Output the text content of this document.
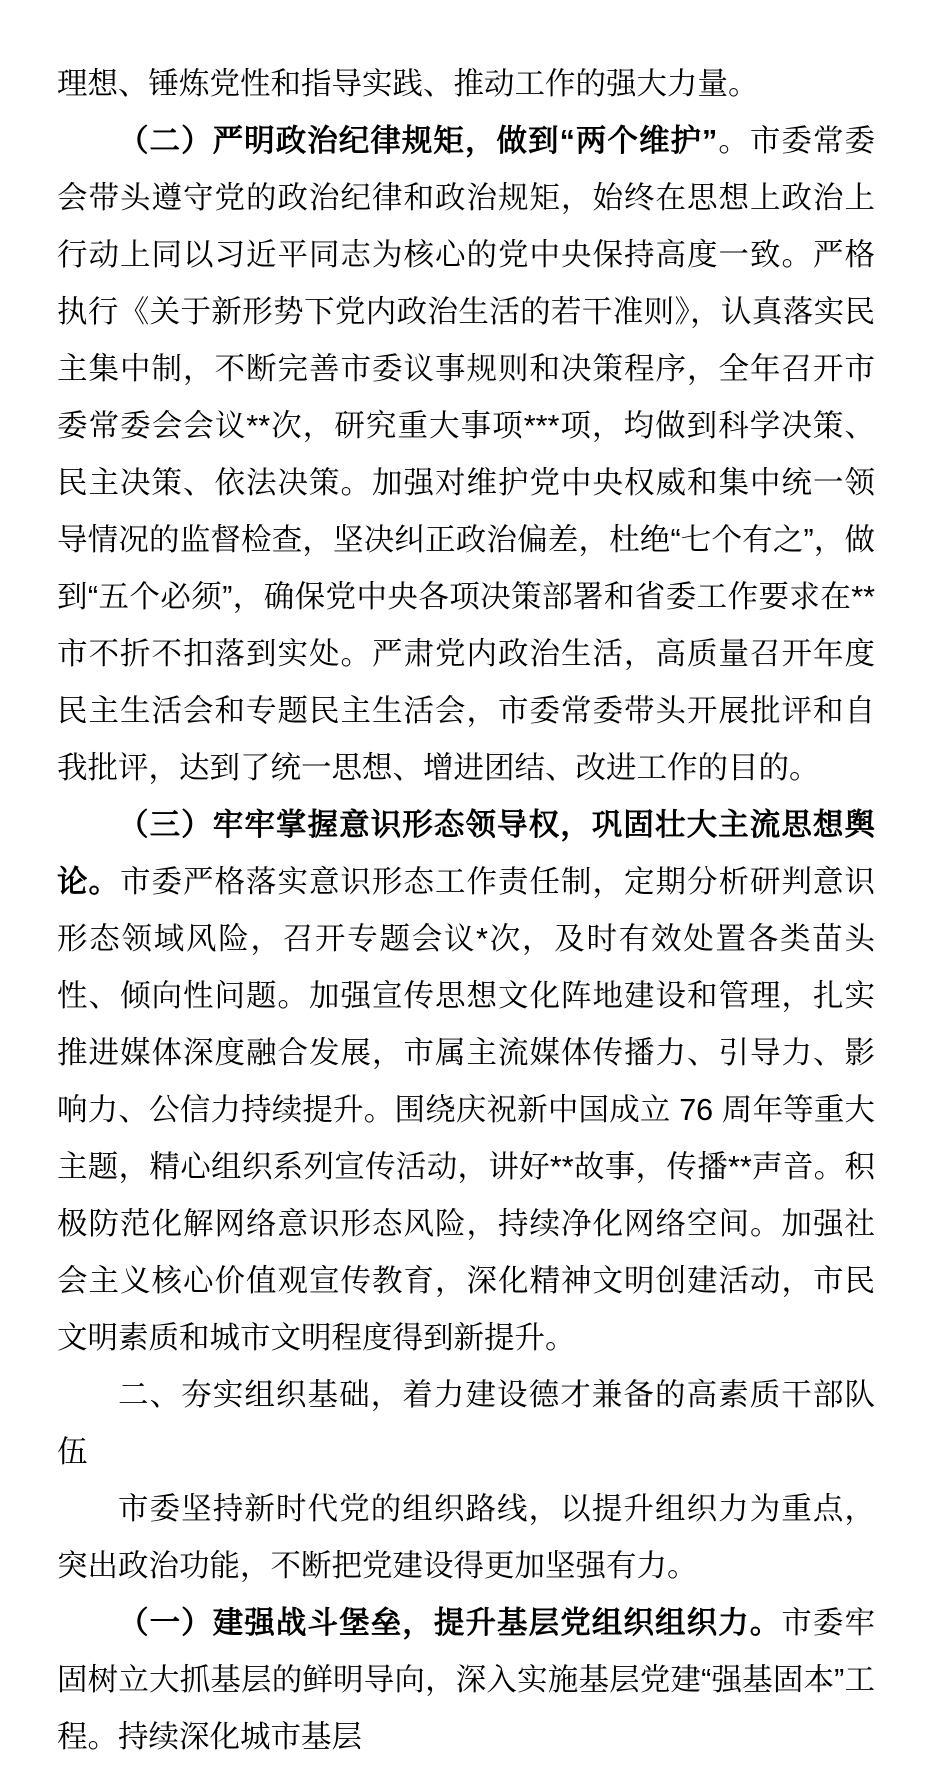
理想、锤炼党性和指导实践、推动工作的强大力量。

（二）严明政治纪律规矩，做到“两个维护”。市委常委会带头遵守党的政治纪律和政治规矩，始终在思想上政治上行动上同以习近平同志为核心的党中央保持高度一致。严格执行《关于新形势下党内政治生活的若干准则》，认真落实民主集中制，不断完善市委议事规则和决策程序，全年召开市委常委会会议**次，研究重大事项***项，均做到科学决策、民主决策、依法决策。加强对维护党中央权威和集中统一领导情况的监督检查，坚决纠正政治偏差，杜绝“七个有之”，做到“五个必须”，确保党中央各项决策部署和省委工作要求在**市不折不扣落到实处。严肃党内政治生活，高质量召开年度民主生活会和专题民主生活会，市委常委带头开展批评和自我批评，达到了统一思想、增进团结、改进工作的目的。

（三）牢牢掌握意识形态领导权，巩固壮大主流思想舆论。市委严格落实意识形态工作责任制，定期分析研判意识形态领域风险，召开专题会议*次，及时有效处置各类苗头性、倾向性问题。加强宣传思想文化阵地建设和管理，扎实推进媒体深度融合发展，市属主流媒体传播力、引导力、影响力、公信力持续提升。围绕庆祝新中国成立 76 周年等重大主题，精心组织系列宣传活动，讲好**故事，传播**声音。积极防范化解网络意识形态风险，持续净化网络空间。加强社会主义核心价值观宣传教育，深化精神文明创建活动，市民文明素质和城市文明程度得到新提升。

二、夯实组织基础，着力建设德才兼备的高素质干部队伍

市委坚持新时代党的组织路线，以提升组织力为重点，突出政治功能，不断把党建设得更加坚强有力。

（一）建强战斗堡垒，提升基层党组织组织力。市委牢固树立大抓基层的鲜明导向，深入实施基层党建“强基固本”工程。持续深化城市基层
